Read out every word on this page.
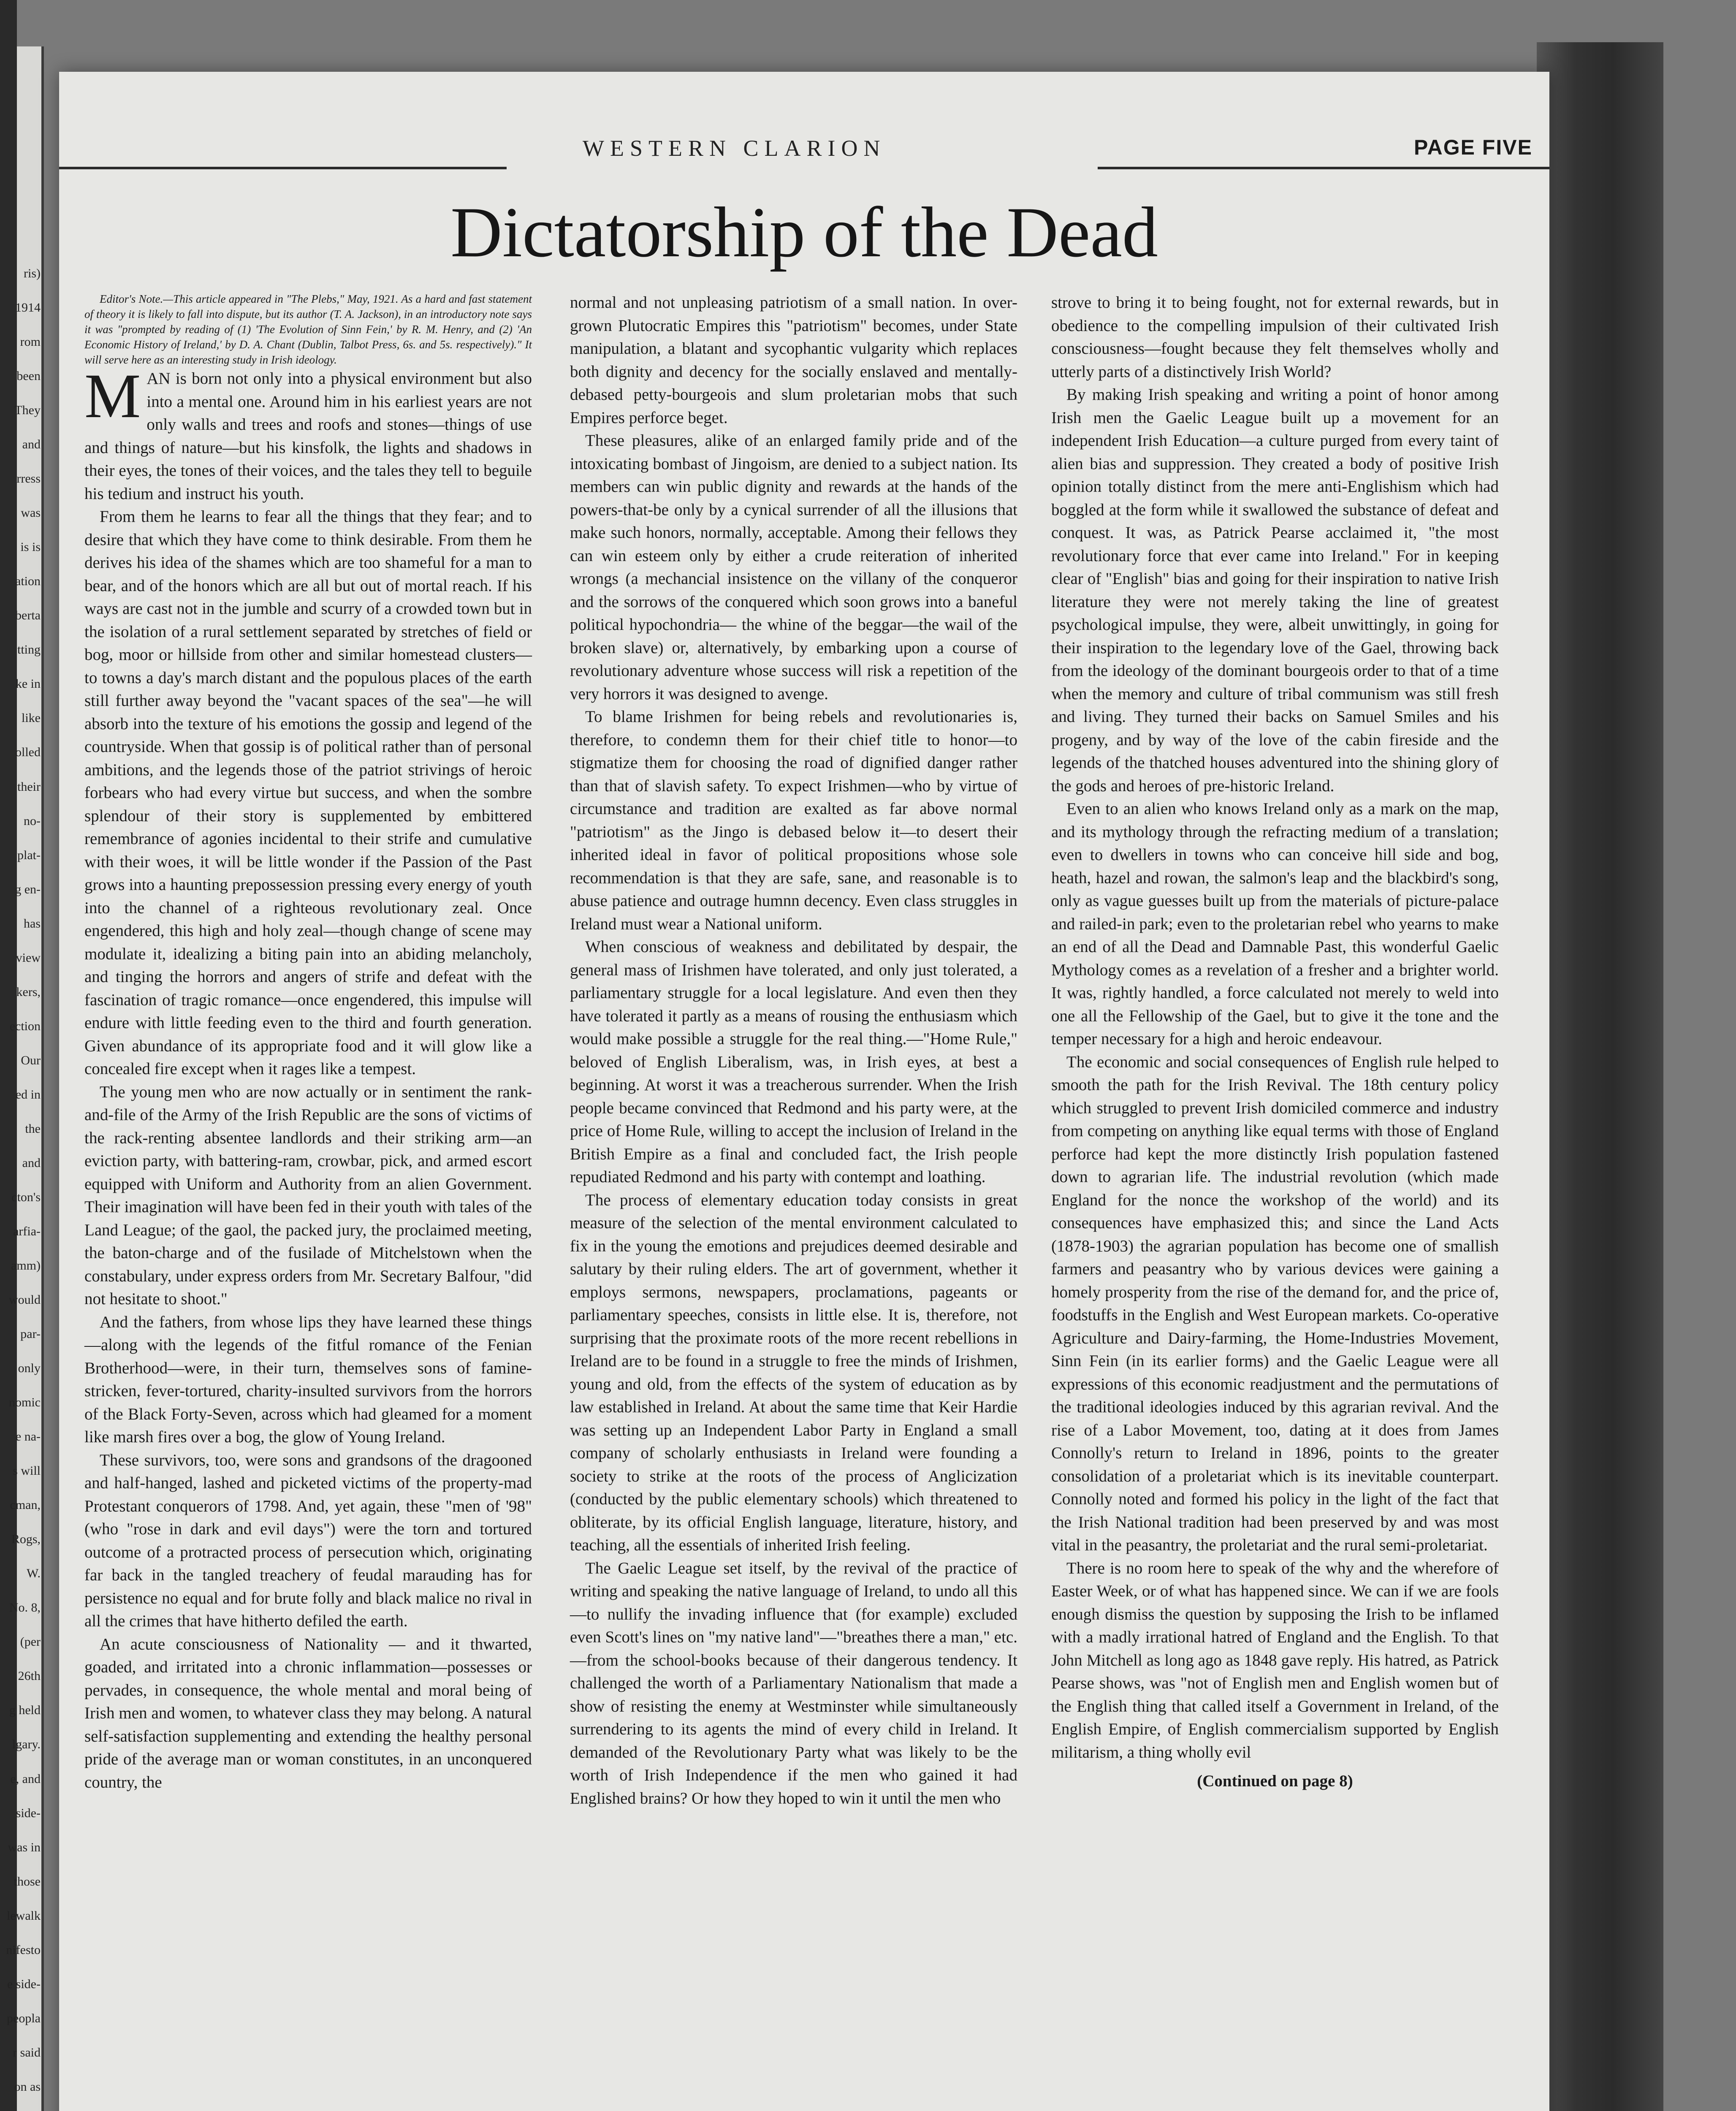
ris)
1914
rom
been
They
and
rress
was
is is
ation
berta
tting
ke in
like
olled
their
no-
plat-
g en-
has
view
kers,
ection
Our
ed in
the
and
cton's
arfia-
amm)
would
par-
only
nomic
e na-
s will
cman,
Rogs,
W.
No. 8,
(per
26th
g held
lgary.
e, and
side-
was in
those
lewalk
nifesto
e side-
peopla
r said
on as
WESTERN CLARION	PAGE FIVE
Dictatorship of the Dead

Editor's Note.—This article appeared in "The Plebs," May, 1921. As a hard and fast statement of theory it is likely to fall into dispute, but its author (T. A. Jackson), in an introductory note says it was "prompted by reading of (1) 'The Evolution of Sinn Fein,' by R. M. Henry, and (2) 'An Economic History of Ireland,' by D. A. Chant (Dublin, Talbot Press, 6s. and 5s. respectively)." It will serve here as an interesting study in Irish ideology.

MAN is born not only into a physical environment but also into a mental one. Around him in his earliest years are not only walls and trees and roofs and stones—things of use and things of nature—but his kinsfolk, the lights and shadows in their eyes, the tones of their voices, and the tales they tell to beguile his tedium and instruct his youth.

From them he learns to fear all the things that they fear; and to desire that which they have come to think desirable. From them he derives his idea of the shames which are too shameful for a man to bear, and of the honors which are all but out of mortal reach. If his ways are cast not in the jumble and scurry of a crowded town but in the isolation of a rural settlement separated by stretches of field or bog, moor or hillside from other and similar homestead clusters—to towns a day's march distant and the populous places of the earth still further away beyond the "vacant spaces of the sea"—he will absorb into the texture of his emotions the gossip and legend of the countryside. When that gossip is of political rather than of personal ambitions, and the legends those of the patriot strivings of heroic forbears who had every virtue but success, and when the sombre splendour of their story is supplemented by embittered remembrance of agonies incidental to their strife and cumulative with their woes, it will be little wonder if the Passion of the Past grows into a haunting prepossession pressing every energy of youth into the channel of a righteous revolutionary zeal. Once engendered, this high and holy zeal—though change of scene may modulate it, idealizing a biting pain into an abiding melancholy, and tinging the horrors and angers of strife and defeat with the fascination of tragic romance—once engendered, this impulse will endure with little feeding even to the third and fourth generation. Given abundance of its appropriate food and it will glow like a concealed fire except when it rages like a tempest.

The young men who are now actually or in sentiment the rank-and-file of the Army of the Irish Republic are the sons of victims of the rack-renting absentee landlords and their striking arm—an eviction party, with battering-ram, crowbar, pick, and armed escort equipped with Uniform and Authority from an alien Government. Their imagination will have been fed in their youth with tales of the Land League; of the gaol, the packed jury, the proclaimed meeting, the baton-charge and of the fusilade of Mitchelstown when the constabulary, under express orders from Mr. Secretary Balfour, "did not hesitate to shoot."

And the fathers, from whose lips they have learned these things—along with the legends of the fitful romance of the Fenian Brotherhood—were, in their turn, themselves sons of famine-stricken, fever-tortured, charity-insulted survivors from the horrors of the Black Forty-Seven, across which had gleamed for a moment like marsh fires over a bog, the glow of Young Ireland.

These survivors, too, were sons and grandsons of the dragooned and half-hanged, lashed and picketed victims of the property-mad Protestant conquerors of 1798. And, yet again, these "men of '98" (who "rose in dark and evil days") were the torn and tortured outcome of a protracted process of persecution which, originating far back in the tangled treachery of feudal marauding has for persistence no equal and for brute folly and black malice no rival in all the crimes that have hitherto defiled the earth.

An acute consciousness of Nationality — and it thwarted, goaded, and irritated into a chronic inflammation—possesses or pervades, in consequence, the whole mental and moral being of Irish men and women, to whatever class they may belong. A natural self-satisfaction supplementing and extending the healthy personal pride of the average man or woman constitutes, in an unconquered country, the

normal and not unpleasing patriotism of a small nation. In over-grown Plutocratic Empires this "patriotism" becomes, under State manipulation, a blatant and sycophantic vulgarity which replaces both dignity and decency for the socially enslaved and mentally-debased petty-bourgeois and slum proletarian mobs that such Empires perforce beget.

These pleasures, alike of an enlarged family pride and of the intoxicating bombast of Jingoism, are denied to a subject nation. Its members can win public dignity and rewards at the hands of the powers-that-be only by a cynical surrender of all the illusions that make such honors, normally, acceptable. Among their fellows they can win esteem only by either a crude reiteration of inherited wrongs (a mechancial insistence on the villany of the conqueror and the sorrows of the conquered which soon grows into a baneful political hypochondria— the whine of the beggar—the wail of the broken slave) or, alternatively, by embarking upon a course of revolutionary adventure whose success will risk a repetition of the very horrors it was designed to avenge.

To blame Irishmen for being rebels and revolutionaries is, therefore, to condemn them for their chief title to honor—to stigmatize them for choosing the road of dignified danger rather than that of slavish safety. To expect Irishmen—who by virtue of circumstance and tradition are exalted as far above normal "patriotism" as the Jingo is debased below it—to desert their inherited ideal in favor of political propositions whose sole recommendation is that they are safe, sane, and reasonable is to abuse patience and outrage humnn decency. Even class struggles in Ireland must wear a National uniform.

When conscious of weakness and debilitated by despair, the general mass of Irishmen have tolerated, and only just tolerated, a parliamentary struggle for a local legislature. And even then they have tolerated it partly as a means of rousing the enthusiasm which would make possible a struggle for the real thing.—"Home Rule," beloved of English Liberalism, was, in Irish eyes, at best a beginning. At worst it was a treacherous surrender. When the Irish people became convinced that Redmond and his party were, at the price of Home Rule, willing to accept the inclusion of Ireland in the British Empire as a final and concluded fact, the Irish people repudiated Redmond and his party with contempt and loathing.

The process of elementary education today consists in great measure of the selection of the mental environment calculated to fix in the young the emotions and prejudices deemed desirable and salutary by their ruling elders. The art of government, whether it employs sermons, newspapers, proclamations, pageants or parliamentary speeches, consists in little else. It is, therefore, not surprising that the proximate roots of the more recent rebellions in Ireland are to be found in a struggle to free the minds of Irishmen, young and old, from the effects of the system of education as by law established in Ireland. At about the same time that Keir Hardie was setting up an Independent Labor Party in England a small company of scholarly enthusiasts in Ireland were founding a society to strike at the roots of the process of Anglicization (conducted by the public elementary schools) which threatened to obliterate, by its official English language, literature, history, and teaching, all the essentials of inherited Irish feeling.

The Gaelic League set itself, by the revival of the practice of writing and speaking the native language of Ireland, to undo all this—to nullify the invading influence that (for example) excluded even Scott's lines on "my native land"—"breathes there a man," etc.—from the school-books because of their dangerous tendency. It challenged the worth of a Parliamentary Nationalism that made a show of resisting the enemy at Westminster while simultaneously surrendering to its agents the mind of every child in Ireland. It demanded of the Revolutionary Party what was likely to be the worth of Irish Independence if the men who gained it had Englished brains? Or how they hoped to win it until the men who

strove to bring it to being fought, not for external rewards, but in obedience to the compelling impulsion of their cultivated Irish consciousness—fought because they felt themselves wholly and utterly parts of a distinctively Irish World?

By making Irish speaking and writing a point of honor among Irish men the Gaelic League built up a movement for an independent Irish Education—a culture purged from every taint of alien bias and suppression. They created a body of positive Irish opinion totally distinct from the mere anti-Englishism which had boggled at the form while it swallowed the substance of defeat and conquest. It was, as Patrick Pearse acclaimed it, "the most revolutionary force that ever came into Ireland." For in keeping clear of "English" bias and going for their inspiration to native Irish literature they were not merely taking the line of greatest psychological impulse, they were, albeit unwittingly, in going for their inspiration to the legendary love of the Gael, throwing back from the ideology of the dominant bourgeois order to that of a time when the memory and culture of tribal communism was still fresh and living. They turned their backs on Samuel Smiles and his progeny, and by way of the love of the cabin fireside and the legends of the thatched houses adventured into the shining glory of the gods and heroes of pre-historic Ireland.

Even to an alien who knows Ireland only as a mark on the map, and its mythology through the refracting medium of a translation; even to dwellers in towns who can conceive hill side and bog, heath, hazel and rowan, the salmon's leap and the blackbird's song, only as vague guesses built up from the materials of picture-palace and railed-in park; even to the proletarian rebel who yearns to make an end of all the Dead and Damnable Past, this wonderful Gaelic Mythology comes as a revelation of a fresher and a brighter world. It was, rightly handled, a force calculated not merely to weld into one all the Fellowship of the Gael, but to give it the tone and the temper necessary for a high and heroic endeavour.

The economic and social consequences of English rule helped to smooth the path for the Irish Revival. The 18th century policy which struggled to prevent Irish domiciled commerce and industry from competing on anything like equal terms with those of England perforce had kept the more distinctly Irish population fastened down to agrarian life. The industrial revolution (which made England for the nonce the workshop of the world) and its consequences have emphasized this; and since the Land Acts (1878-1903) the agrarian population has become one of smallish farmers and peasantry who by various devices were gaining a homely prosperity from the rise of the demand for, and the price of, foodstuffs in the English and West European markets. Co-operative Agriculture and Dairy-farming, the Home-Industries Movement, Sinn Fein (in its earlier forms) and the Gaelic League were all expressions of this economic readjustment and the permutations of the traditional ideologies induced by this agrarian revival. And the rise of a Labor Movement, too, dating at it does from James Connolly's return to Ireland in 1896, points to the greater consolidation of a proletariat which is its inevitable counterpart. Connolly noted and formed his policy in the light of the fact that the Irish National tradition had been preserved by and was most vital in the peasantry, the proletariat and the rural semi-proletariat.

There is no room here to speak of the why and the wherefore of Easter Week, or of what has happened since. We can if we are fools enough dismiss the question by supposing the Irish to be inflamed with a madly irrational hatred of England and the English. To that John Mitchell as long ago as 1848 gave reply. His hatred, as Patrick Pearse shows, was "not of English men and English women but of the English thing that called itself a Government in Ireland, of the English Empire, of English commercialism supported by English militarism, a thing wholly evil

(Continued on page 8)
